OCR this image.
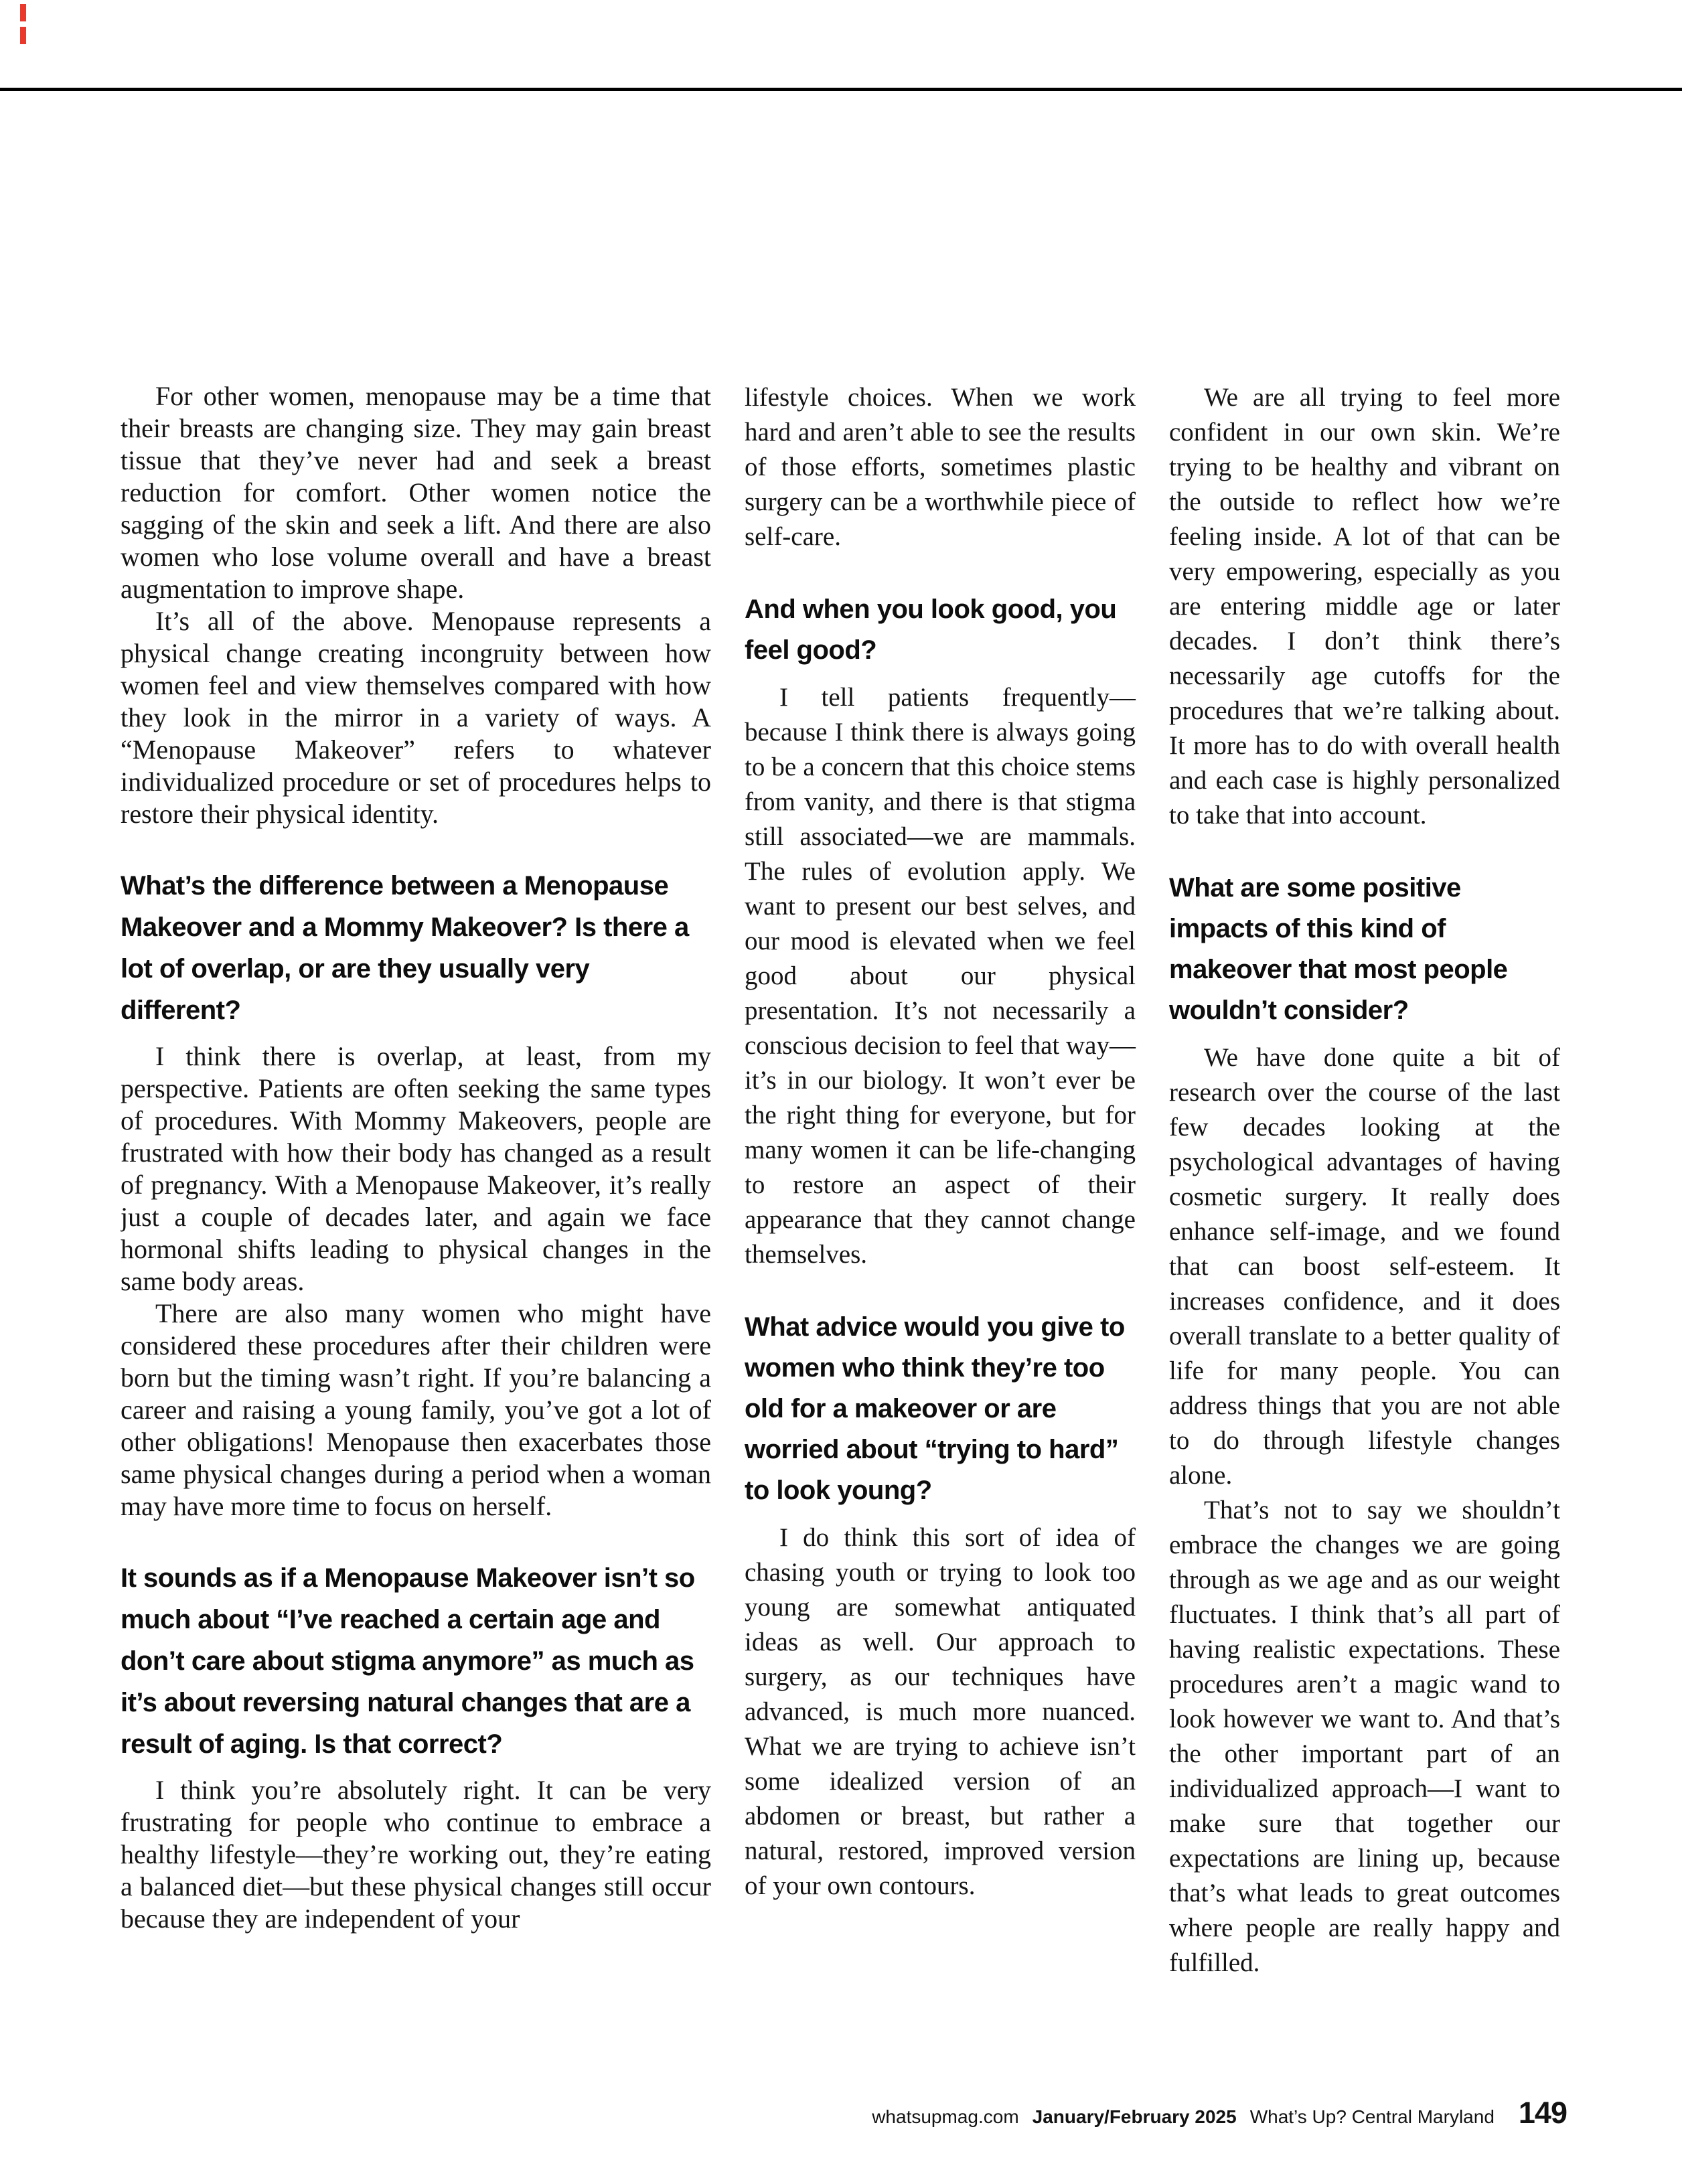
For other women, menopause may be a time that their breasts are changing size. They may gain breast tissue that they’ve never had and seek a breast reduction for comfort. Other women notice the sagging of the skin and seek a lift. And there are also women who lose volume overall and have a breast augmentation to improve shape.

It’s all of the above. Menopause represents a physical change creating incongruity between how women feel and view themselves compared with how they look in the mirror in a variety of ways. A “Menopause Makeover” refers to whatever individualized procedure or set of procedures helps to restore their physical identity.

What’s the difference between a Menopause Makeover and a Mommy Makeover? Is there a lot of overlap, or are they usually very different?

I think there is overlap, at least, from my perspective. Patients are often seeking the same types of procedures. With Mommy Makeovers, people are frustrated with how their body has changed as a result of pregnancy. With a Menopause Makeover, it’s really just a couple of decades later, and again we face hormonal shifts leading to physical changes in the same body areas.

There are also many women who might have considered these procedures after their children were born but the timing wasn’t right. If you’re balancing a career and raising a young family, you’ve got a lot of other obligations! Menopause then exacerbates those same physical changes during a period when a woman may have more time to focus on herself.

It sounds as if a Menopause Makeover isn’t so much about “I’ve reached a certain age and don’t care about stigma anymore” as much as it’s about reversing natural changes that are a result of aging. Is that correct?

I think you’re absolutely right. It can be very frustrating for people who continue to embrace a healthy lifestyle—they’re working out, they’re eating a balanced diet—but these physical changes still occur because they are independent of your

lifestyle choices. When we work hard and aren’t able to see the results of those efforts, sometimes plastic surgery can be a worthwhile piece of self-care.

And when you look good, you feel good?

I tell patients frequently—because I think there is always going to be a concern that this choice stems from vanity, and there is that stigma still associated—we are mammals. The rules of evolution apply. We want to present our best selves, and our mood is elevated when we feel good about our physical presentation. It’s not necessarily a conscious decision to feel that way—it’s in our biology. It won’t ever be the right thing for everyone, but for many women it can be life-changing to restore an aspect of their appearance that they cannot change themselves.

What advice would you give to women who think they’re too old for a makeover or are worried about “trying to hard” to look young?

I do think this sort of idea of chasing youth or trying to look too young are somewhat antiquated ideas as well. Our approach to surgery, as our techniques have advanced, is much more nuanced. What we are trying to achieve isn’t some idealized version of an abdomen or breast, but rather a natural, restored, improved version of your own contours.

We are all trying to feel more confident in our own skin. We’re trying to be healthy and vibrant on the outside to reflect how we’re feeling inside. A lot of that can be very empowering, especially as you are entering middle age or later decades. I don’t think there’s necessarily age cutoffs for the procedures that we’re talking about. It more has to do with overall health and each case is highly personalized to take that into account.

What are some positive impacts of this kind of makeover that most people wouldn’t consider?

We have done quite a bit of research over the course of the last few decades looking at the psychological advantages of having cosmetic surgery. It really does enhance self-image, and we found that can boost self-esteem. It increases confidence, and it does overall translate to a better quality of life for many people. You can address things that you are not able to do through lifestyle changes alone.

That’s not to say we shouldn’t embrace the changes we are going through as we age and as our weight fluctuates. I think that’s all part of having realistic expectations. These procedures aren’t a magic wand to look however we want to. And that’s the other important part of an individualized approach—I want to make sure that together our expectations are lining up, because that’s what leads to great outcomes where people are really happy and fulfilled.

whatsupmag.com January/February 2025 What’s Up? Central Maryland 149
